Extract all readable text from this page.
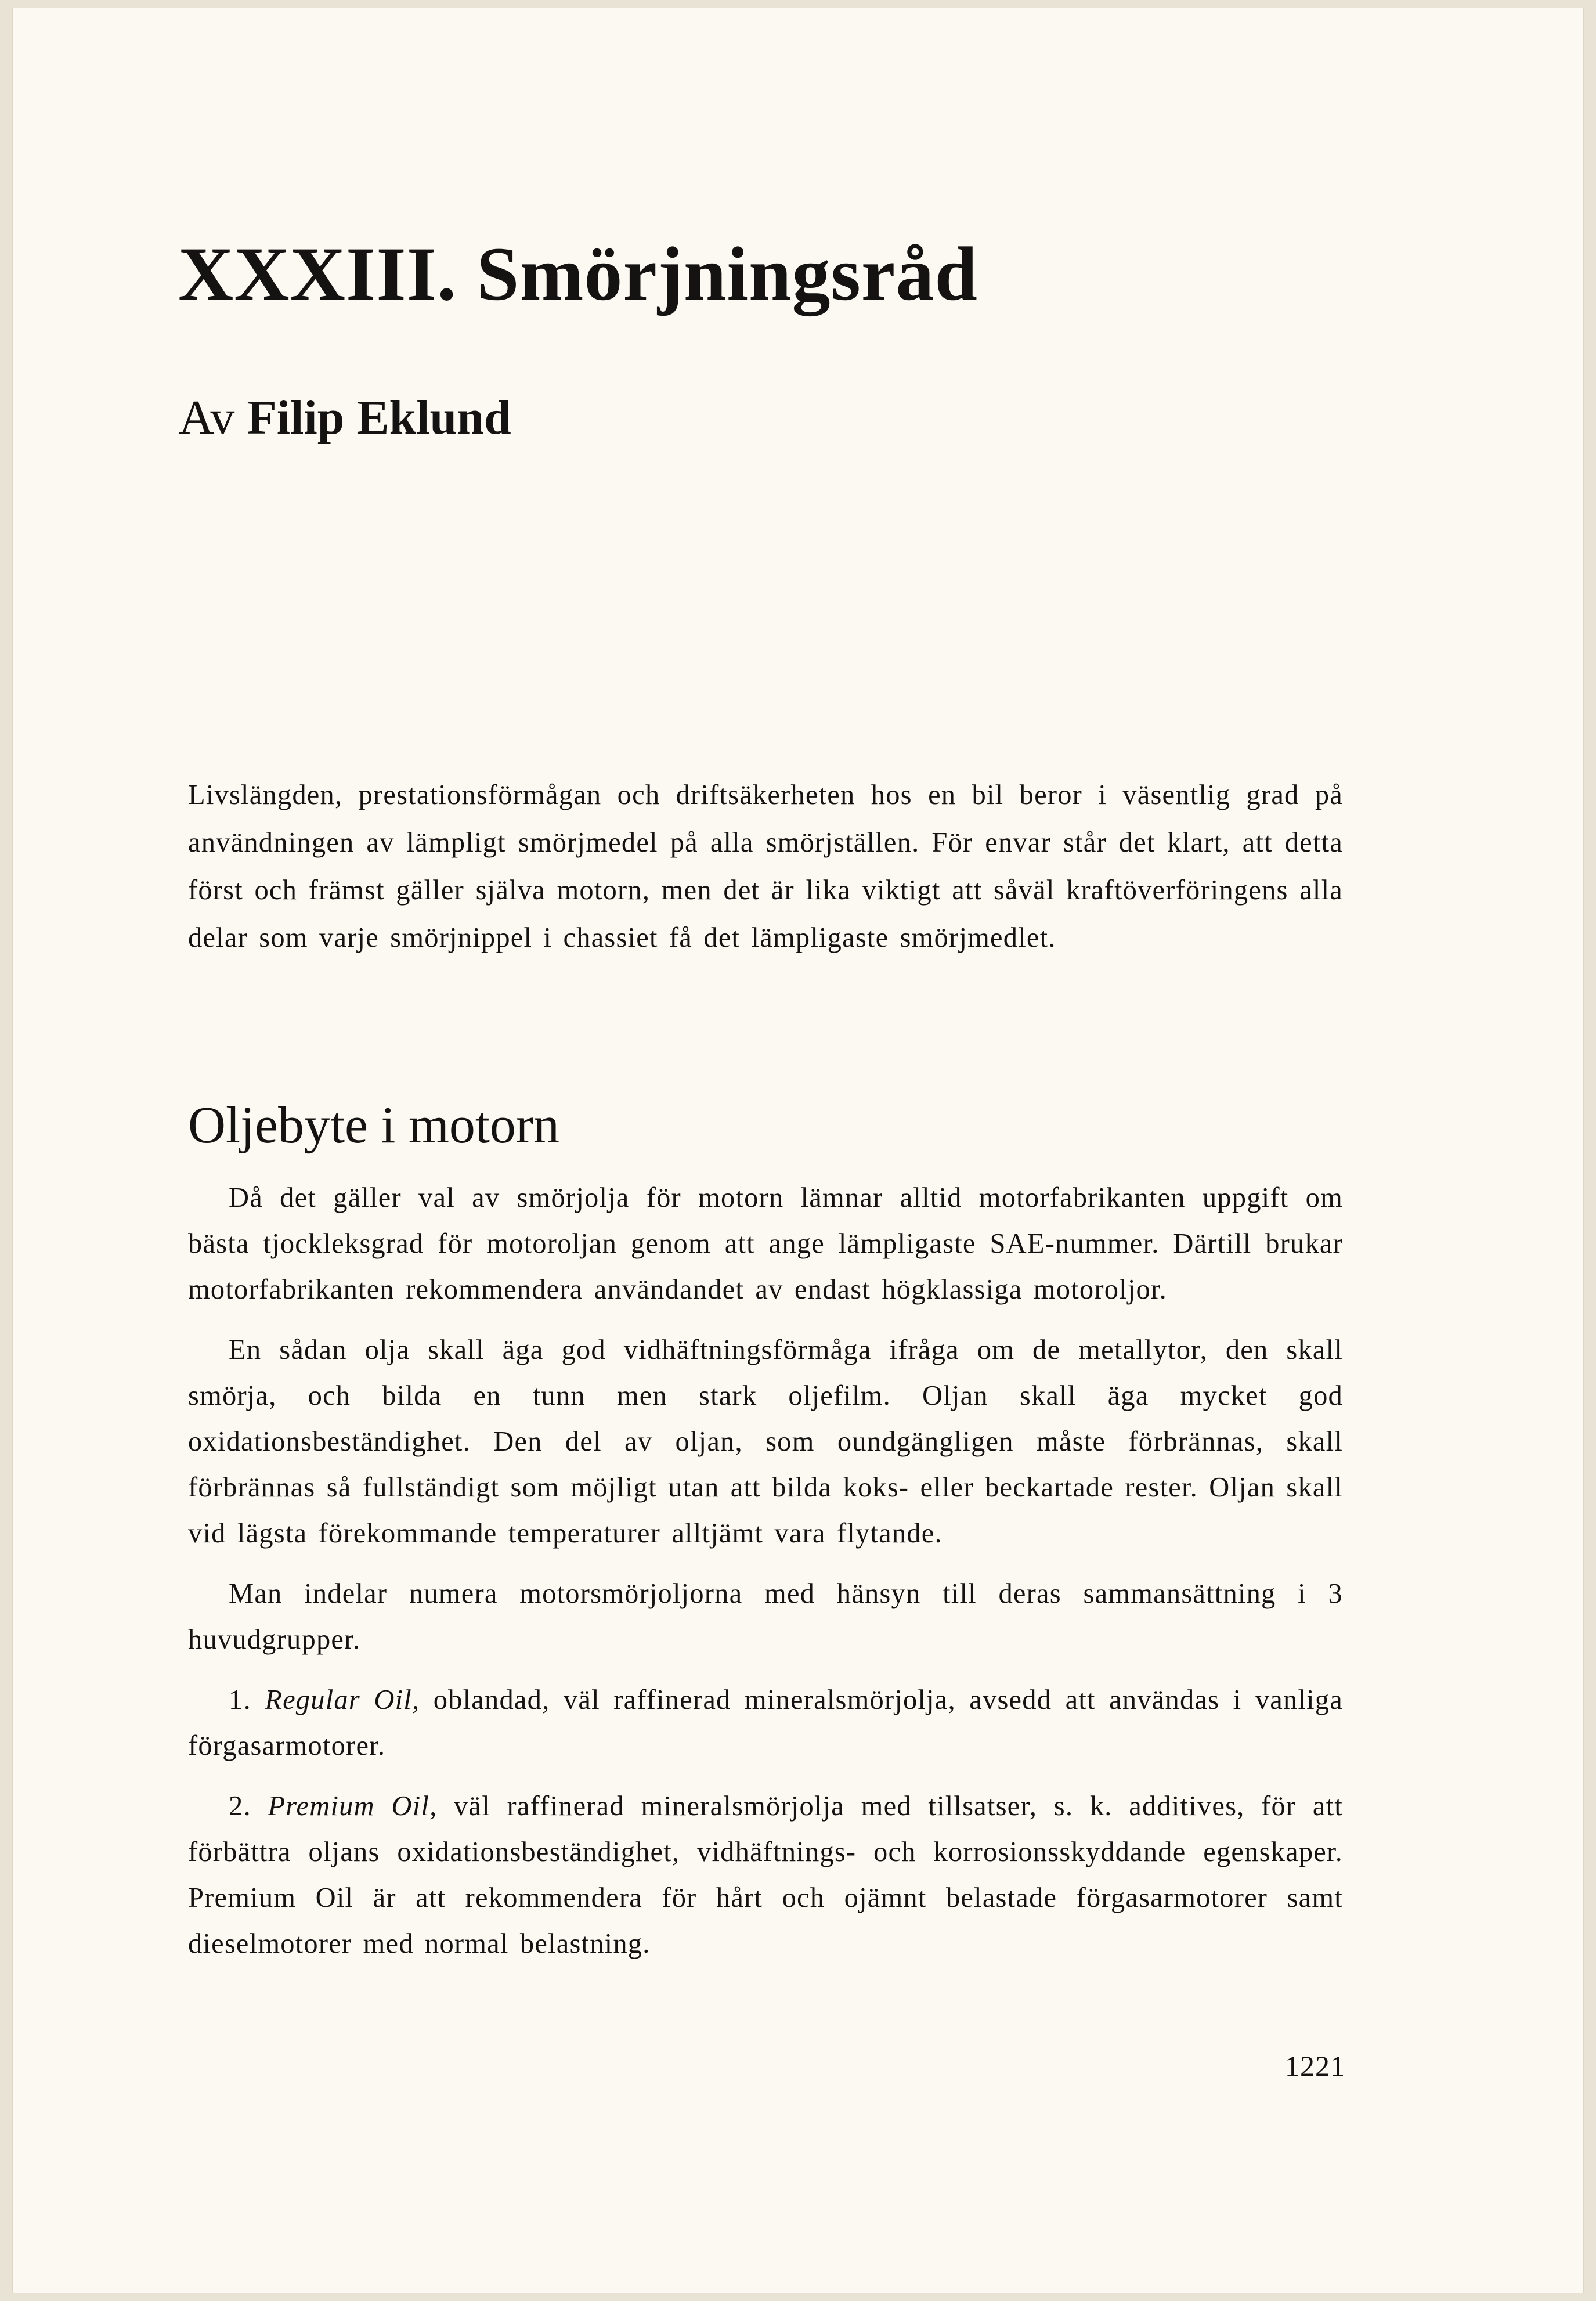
XXXIII. Smörjningsråd
Av Filip Eklund

Livslängden, prestationsförmågan och driftsäkerheten hos en bil beror i väsentlig grad på användningen av lämpligt smörjmedel på alla smörjställen. För envar står det klart, att detta först och främst gäller själva motorn, men det är lika viktigt att såväl kraftöverföringens alla delar som varje smörjnippel i chassiet få det lämpligaste smörjmedlet.

Oljebyte i motorn

Då det gäller val av smörjolja för motorn lämnar alltid motorfabrikanten uppgift om bästa tjockleksgrad för motoroljan genom att ange lämpligaste SAE-nummer. Därtill brukar motorfabrikanten rekommendera användandet av endast högklassiga motoroljor.

En sådan olja skall äga god vidhäftningsförmåga ifråga om de metallytor, den skall smörja, och bilda en tunn men stark oljefilm. Oljan skall äga mycket god oxidationsbeständighet. Den del av oljan, som oundgängligen måste förbrännas, skall förbrännas så fullständigt som möjligt utan att bilda koks- eller beckartade rester. Oljan skall vid lägsta förekommande temperaturer alltjämt vara flytande.

Man indelar numera motorsmörjoljorna med hänsyn till deras sammansättning i 3 huvudgrupper.

1. Regular Oil, oblandad, väl raffinerad mineralsmörjolja, avsedd att användas i vanliga förgasarmotorer.

2. Premium Oil, väl raffinerad mineralsmörjolja med tillsatser, s. k. additives, för att förbättra oljans oxidationsbeständighet, vidhäftnings- och korrosionsskyddande egenskaper. Premium Oil är att rekommendera för hårt och ojämnt belastade förgasarmotorer samt dieselmotorer med normal belastning.

1221
